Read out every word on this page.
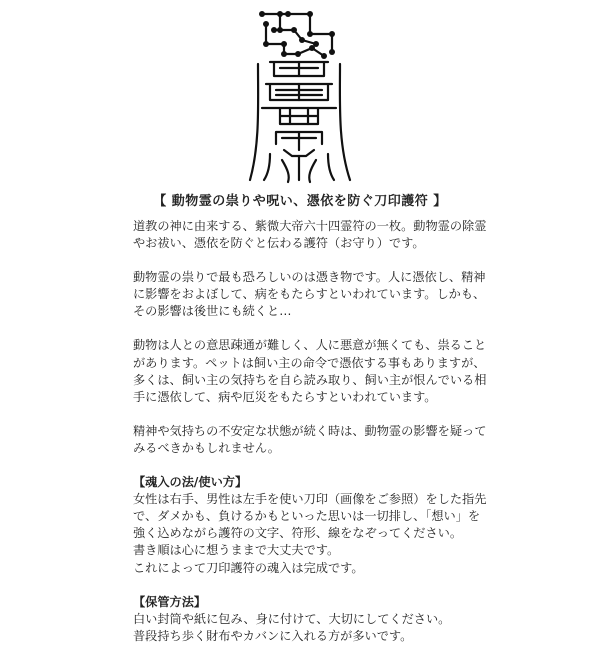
【 動物霊の祟りや呪い、憑依を防ぐ刀印護符 】

道教の神に由来する、紫微大帝六十四霊符の一枚。動物霊の除霊
やお祓い、憑依を防ぐと伝わる護符（お守り）です。

動物霊の祟りで最も恐ろしいのは憑き物です。人に憑依し、精神
に影響をおよぼして、病をもたらすといわれています。しかも、
その影響は後世にも続くと…

動物は人との意思疎通が難しく、人に悪意が無くても、祟ること
があります。ペットは飼い主の命令で憑依する事もありますが、
多くは、飼い主の気持ちを自ら読み取り、飼い主が恨んでいる相
手に憑依して、病や厄災をもたらすといわれています。

精神や気持ちの不安定な状態が続く時は、動物霊の影響を疑って
みるべきかもしれません。

【魂入の法/使い方】

女性は右手、男性は左手を使い刀印（画像をご参照）をした指先
で、ダメかも、負けるかもといった思いは一切排し、「想い」を
強く込めながら護符の文字、符形、線をなぞってください。
書き順は心に想うままで大丈夫です。
これによって刀印護符の魂入は完成です。

【保管方法】

白い封筒や紙に包み、身に付けて、大切にしてください。
普段持ち歩く財布やカバンに入れる方が多いです。
